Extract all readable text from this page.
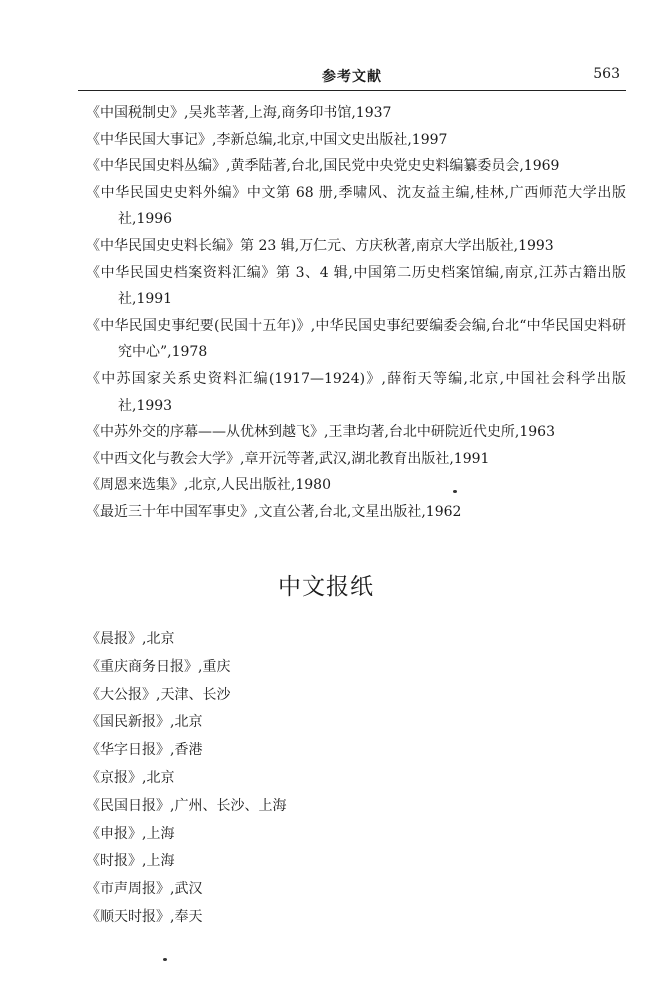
参考文献	563
《中国税制史》,吴兆莘著,上海,商务印书馆,1937
《中华民国大事记》,李新总编,北京,中国文史出版社,1997
《中华民国史料丛编》,黄季陆著,台北,国民党中央党史史料编纂委员会,1969
《中华民国史史料外编》中文第 68 册,季啸风、沈友益主编,桂林,广西师范大学出版社,1996
《中华民国史史料长编》第 23 辑,万仁元、方庆秋著,南京大学出版社,1993
《中华民国史档案资料汇编》第 3、4 辑,中国第二历史档案馆编,南京,江苏古籍出版社,1991
《中华民国史事纪要(民国十五年)》,中华民国史事纪要编委会编,台北“中华民国史料研究中心”,1978
《中苏国家关系史资料汇编(1917—1924)》,薛衔天等编,北京,中国社会科学出版社,1993
《中苏外交的序幕——从优林到越飞》,王聿均著,台北中研院近代史所,1963
《中西文化与教会大学》,章开沅等著,武汉,湖北教育出版社,1991
《周恩来选集》,北京,人民出版社,1980
《最近三十年中国军事史》,文直公著,台北,文星出版社,1962
中文报纸
《晨报》,北京
《重庆商务日报》,重庆
《大公报》,天津、长沙
《国民新报》,北京
《华字日报》,香港
《京报》,北京
《民国日报》,广州、长沙、上海
《申报》,上海
《时报》,上海
《市声周报》,武汉
《顺天时报》,奉天
